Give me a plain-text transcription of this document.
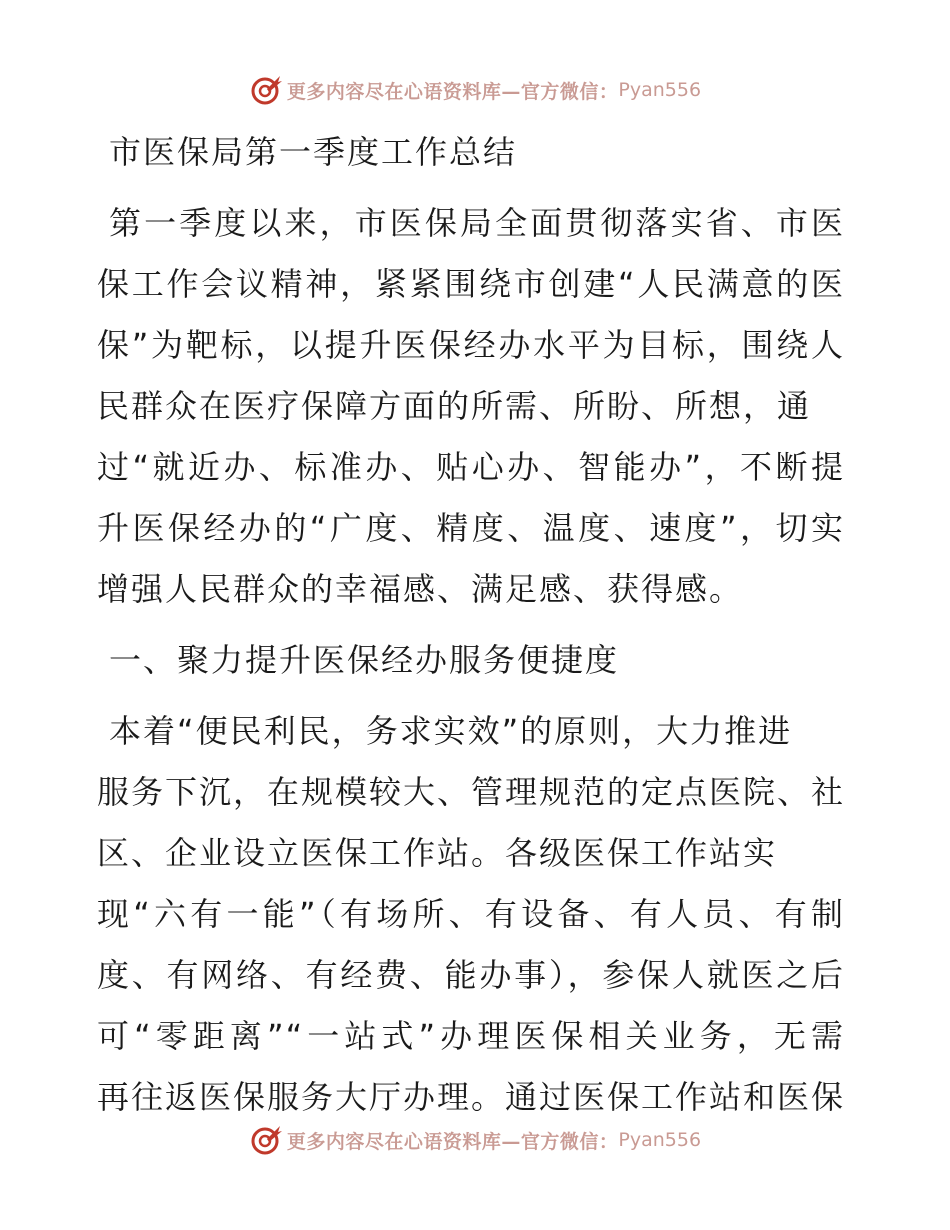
更多内容尽在心语资料库—官方微信： Pyan556
市医保局第一季度工作总结
第一季度以来，市医保局全面贯彻落实省、市医
保工作会议精神，紧紧围绕市创建“人民满意的医
保”为靶标，以提升医保经办水平为目标，围绕人
民群众在医疗保障方面的所需、所盼、所想，通
过“就近办、标准办、贴心办、智能办”，不断提
升医保经办的“广度、精度、温度、速度”，切实
增强人民群众的幸福感、满足感、获得感。
一、聚力提升医保经办服务便捷度
本着“便民利民，务求实效”的原则，大力推进
服务下沉，在规模较大、管理规范的定点医院、社
区、企业设立医保工作站。各级医保工作站实
现“六有一能”（有场所、有设备、有人员、有制
度、有网络、有经费、能办事），参保人就医之后
可“零距离”“一站式”办理医保相关业务，无需
再往返医保服务大厅办理。通过医保工作站和医保
更多内容尽在心语资料库—官方微信： Pyan556
